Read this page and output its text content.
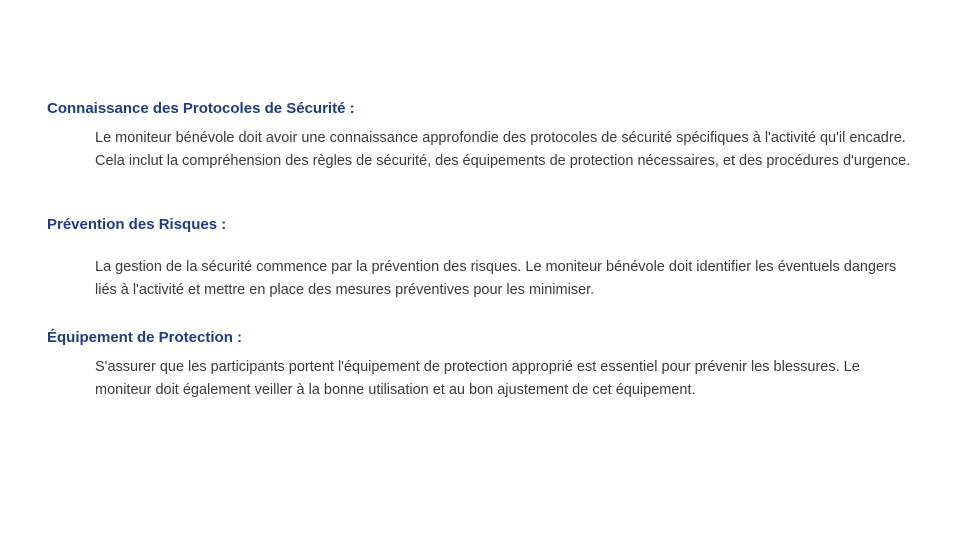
Connaissance des Protocoles de Sécurité :

Le moniteur bénévole doit avoir une connaissance approfondie des protocoles de sécurité spécifiques à l'activité qu'il encadre. Cela inclut la compréhension des règles de sécurité, des équipements de protection nécessaires, et des procédures d'urgence.

Prévention des Risques :

La gestion de la sécurité commence par la prévention des risques. Le moniteur bénévole doit identifier les éventuels dangers liés à l'activité et mettre en place des mesures préventives pour les minimiser.

Équipement de Protection :

S'assurer que les participants portent l'équipement de protection approprié est essentiel pour prévenir les blessures. Le moniteur doit également veiller à la bonne utilisation et au bon ajustement de cet équipement.
